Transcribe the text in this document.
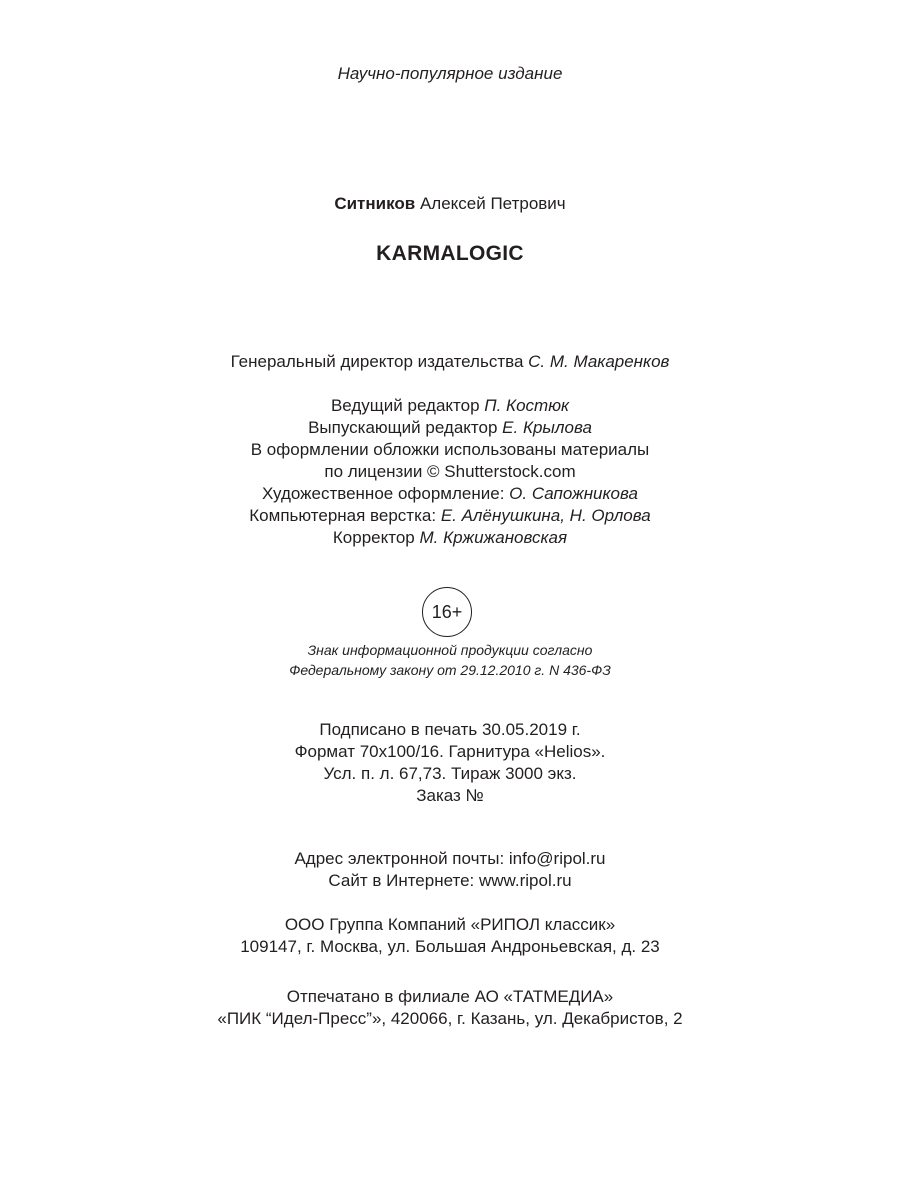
Научно-популярное издание
Ситников Алексей Петрович
KARMALOGIC
Генеральный директор издательства С. М. Макаренков
Ведущий редактор П. Костюк
Выпускающий редактор Е. Крылова
В оформлении обложки использованы материалы
по лицензии © Shutterstock.com
Художественное оформление: О. Сапожникова
Компьютерная верстка: Е. Алёнушкина, Н. Орлова
Корректор М. Кржижановская
16+
Знак информационной продукции согласно
Федеральному закону от 29.12.2010 г. N 436-ФЗ
Подписано в печать 30.05.2019 г.
Формат 70x100/16. Гарнитура «Helios».
Усл. п. л. 67,73. Тираж 3000 экз.
Заказ №
Адрес электронной почты: info@ripol.ru
Сайт в Интернете: www.ripol.ru
ООО Группа Компаний «РИПОЛ классик»
109147, г. Москва, ул. Большая Андроньевская, д. 23
Отпечатано в филиале АО «ТАТМЕДИА»
«ПИК “Идел-Пресс”», 420066, г. Казань, ул. Декабристов, 2
